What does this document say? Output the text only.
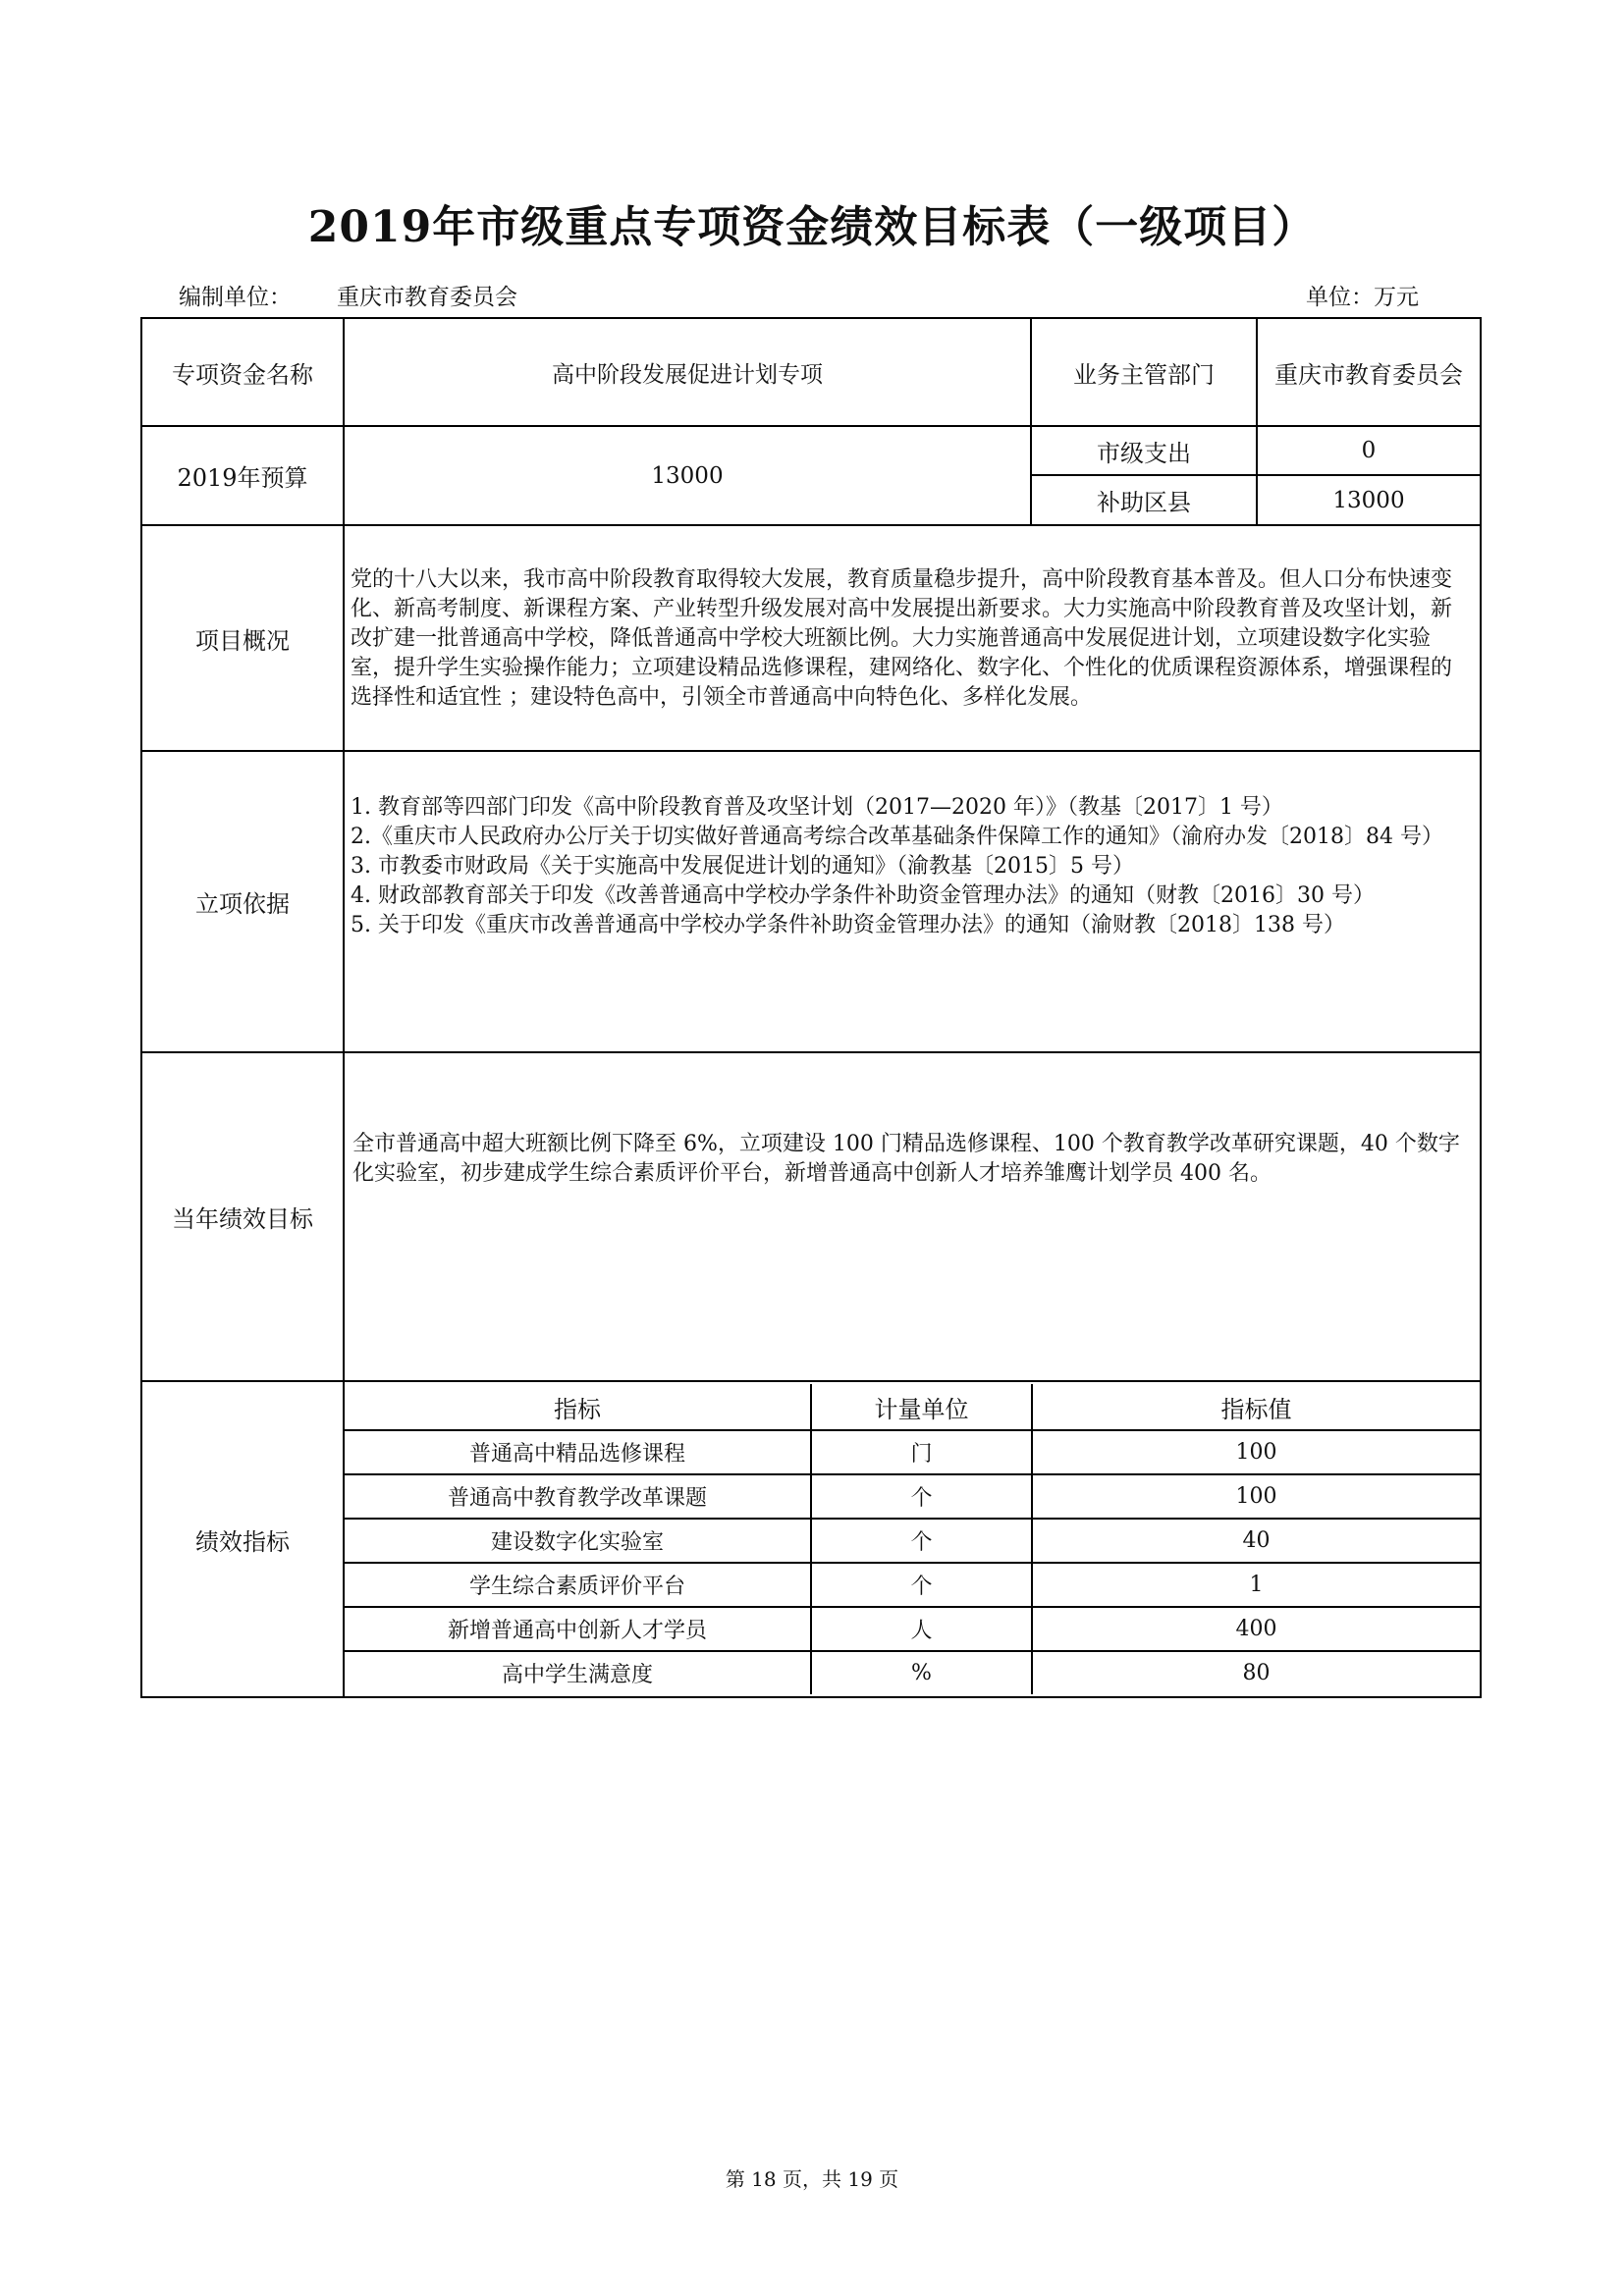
2019年市级重点专项资金绩效目标表（一级项目）
编制单位： 重庆市教育委员会	单位：万元
专项资金名称	高中阶段发展促进计划专项	业务主管部门	重庆市教育委员会
2019年预算	13000	市级支出	0
补助区县	13000
项目概况	
党的十八大以来，我市高中阶段教育取得较大发展，教育质量稳步提升，高中阶段教育基本普及。但人口分布快速变化、新高考制度、新课程方案、产业转型升级发展对高中发展提出新要求。大力实施高中阶段教育普及攻坚计划，新改扩建一批普通高中学校，降低普通高中学校大班额比例。大力实施普通高中发展促进计划，立项建设数字化实验室，提升学生实验操作能力；立项建设精品选修课程，建网络化、数字化、个性化的优质课程资源体系，增强课程的选择性和适宜性 ；建设特色高中，引领全市普通高中向特色化、多样化发展。

立项依据	
1. 教育部等四部门印发《高中阶段教育普及攻坚计划（2017—2020 年）》（教基〔2017〕1 号）
2.《重庆市人民政府办公厅关于切实做好普通高考综合改革基础条件保障工作的通知》（渝府办发〔2018〕84 号）
3. 市教委市财政局《关于实施高中发展促进计划的通知》（渝教基〔2015〕5 号）
4. 财政部教育部关于印发《改善普通高中学校办学条件补助资金管理办法》的通知（财教〔2016〕30 号）
5. 关于印发《重庆市改善普通高中学校办学条件补助资金管理办法》的通知（渝财教〔2018〕138 号）

当年绩效目标	
全市普通高中超大班额比例下降至 6%，立项建设 100 门精品选修课程、100 个教育教学改革研究课题，40 个数字化实验室，初步建成学生综合素质评价平台，新增普通高中创新人才培养雏鹰计划学员 400 名。

绩效指标	
指标	计量单位	指标值
普通高中精品选修课程	门	100
普通高中教育教学改革课题	个	100
建设数字化实验室	个	40
学生综合素质评价平台	个	1
新增普通高中创新人才学员	人	400
高中学生满意度	%	80
第 18 页，共 19 页
